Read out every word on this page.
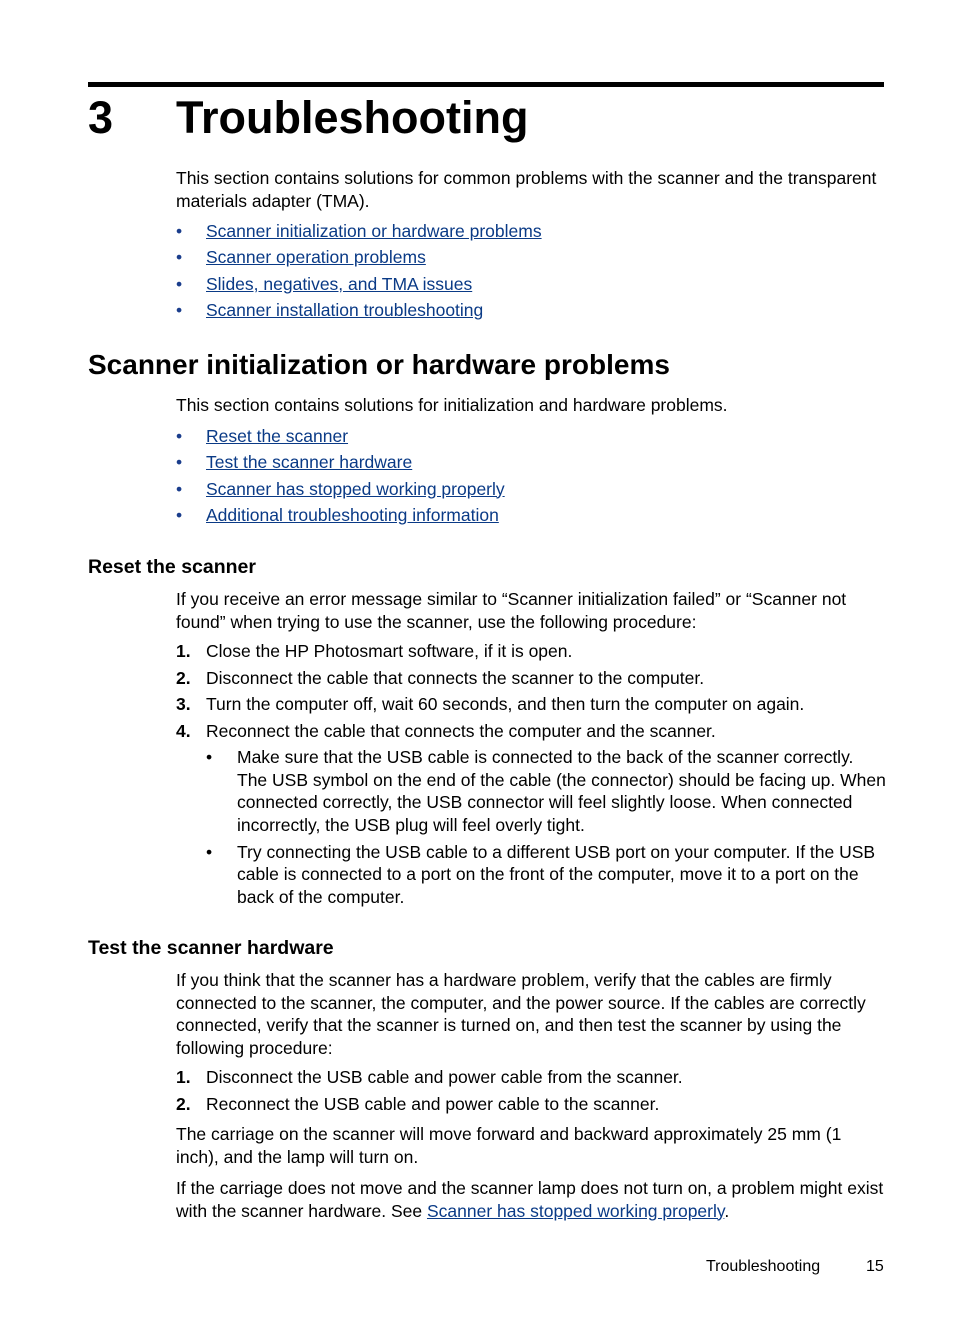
3 Troubleshooting
This section contains solutions for common problems with the scanner and the transparent materials adapter (TMA).
• Scanner initialization or hardware problems
• Scanner operation problems
• Slides, negatives, and TMA issues
• Scanner installation troubleshooting
Scanner initialization or hardware problems
This section contains solutions for initialization and hardware problems.
• Reset the scanner
• Test the scanner hardware
• Scanner has stopped working properly
• Additional troubleshooting information
Reset the scanner
If you receive an error message similar to “Scanner initialization failed” or “Scanner not found” when trying to use the scanner, use the following procedure:
1. Close the HP Photosmart software, if it is open.
2. Disconnect the cable that connects the scanner to the computer.
3. Turn the computer off, wait 60 seconds, and then turn the computer on again.
4. Reconnect the cable that connects the computer and the scanner.
• Make sure that the USB cable is connected to the back of the scanner correctly. The USB symbol on the end of the cable (the connector) should be facing up. When connected correctly, the USB connector will feel slightly loose. When connected incorrectly, the USB plug will feel overly tight.
• Try connecting the USB cable to a different USB port on your computer. If the USB cable is connected to a port on the front of the computer, move it to a port on the back of the computer.
Test the scanner hardware
If you think that the scanner has a hardware problem, verify that the cables are firmly connected to the scanner, the computer, and the power source. If the cables are correctly connected, verify that the scanner is turned on, and then test the scanner by using the following procedure:
1. Disconnect the USB cable and power cable from the scanner.
2. Reconnect the USB cable and power cable to the scanner.
The carriage on the scanner will move forward and backward approximately 25 mm (1 inch), and the lamp will turn on.
If the carriage does not move and the scanner lamp does not turn on, a problem might exist with the scanner hardware. See Scanner has stopped working properly.
Troubleshooting	15
